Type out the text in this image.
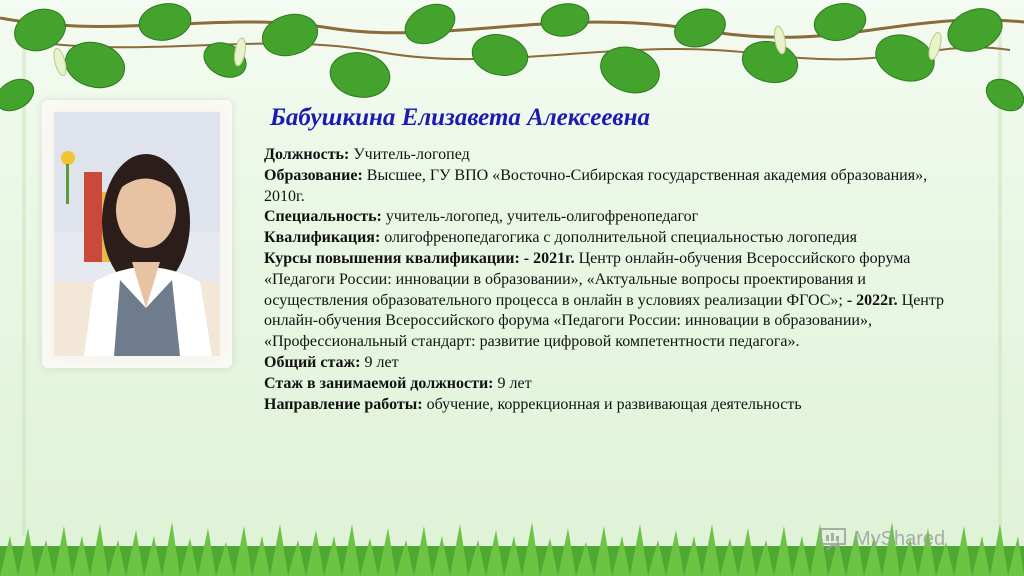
Бабушкина Елизавета Алексеевна

Должность: Учитель-логопед

Образование: Высшее, ГУ ВПО «Восточно-Сибирская государственная академия образования», 2010г.

Специальность: учитель-логопед, учитель-олигофренопедагог

Квалификация: олигофренопедагогика с дополнительной специальностью логопедия

Курсы повышения квалификации: - 2021г. Центр онлайн-обучения Всероссийского форума «Педагоги России: инновации в образовании», «Актуальные вопросы проектирования и осуществления образовательного процесса в онлайн в условиях реализации ФГОС»; - 2022г. Центр онлайн-обучения Всероссийского форума «Педагоги России: инновации в образовании», «Профессиональный стандарт: развитие цифровой компетентности педагога».

Общий стаж: 9 лет

Стаж в занимаемой должности: 9 лет

Направление работы: обучение, коррекционная и развивающая деятельность

MyShared
